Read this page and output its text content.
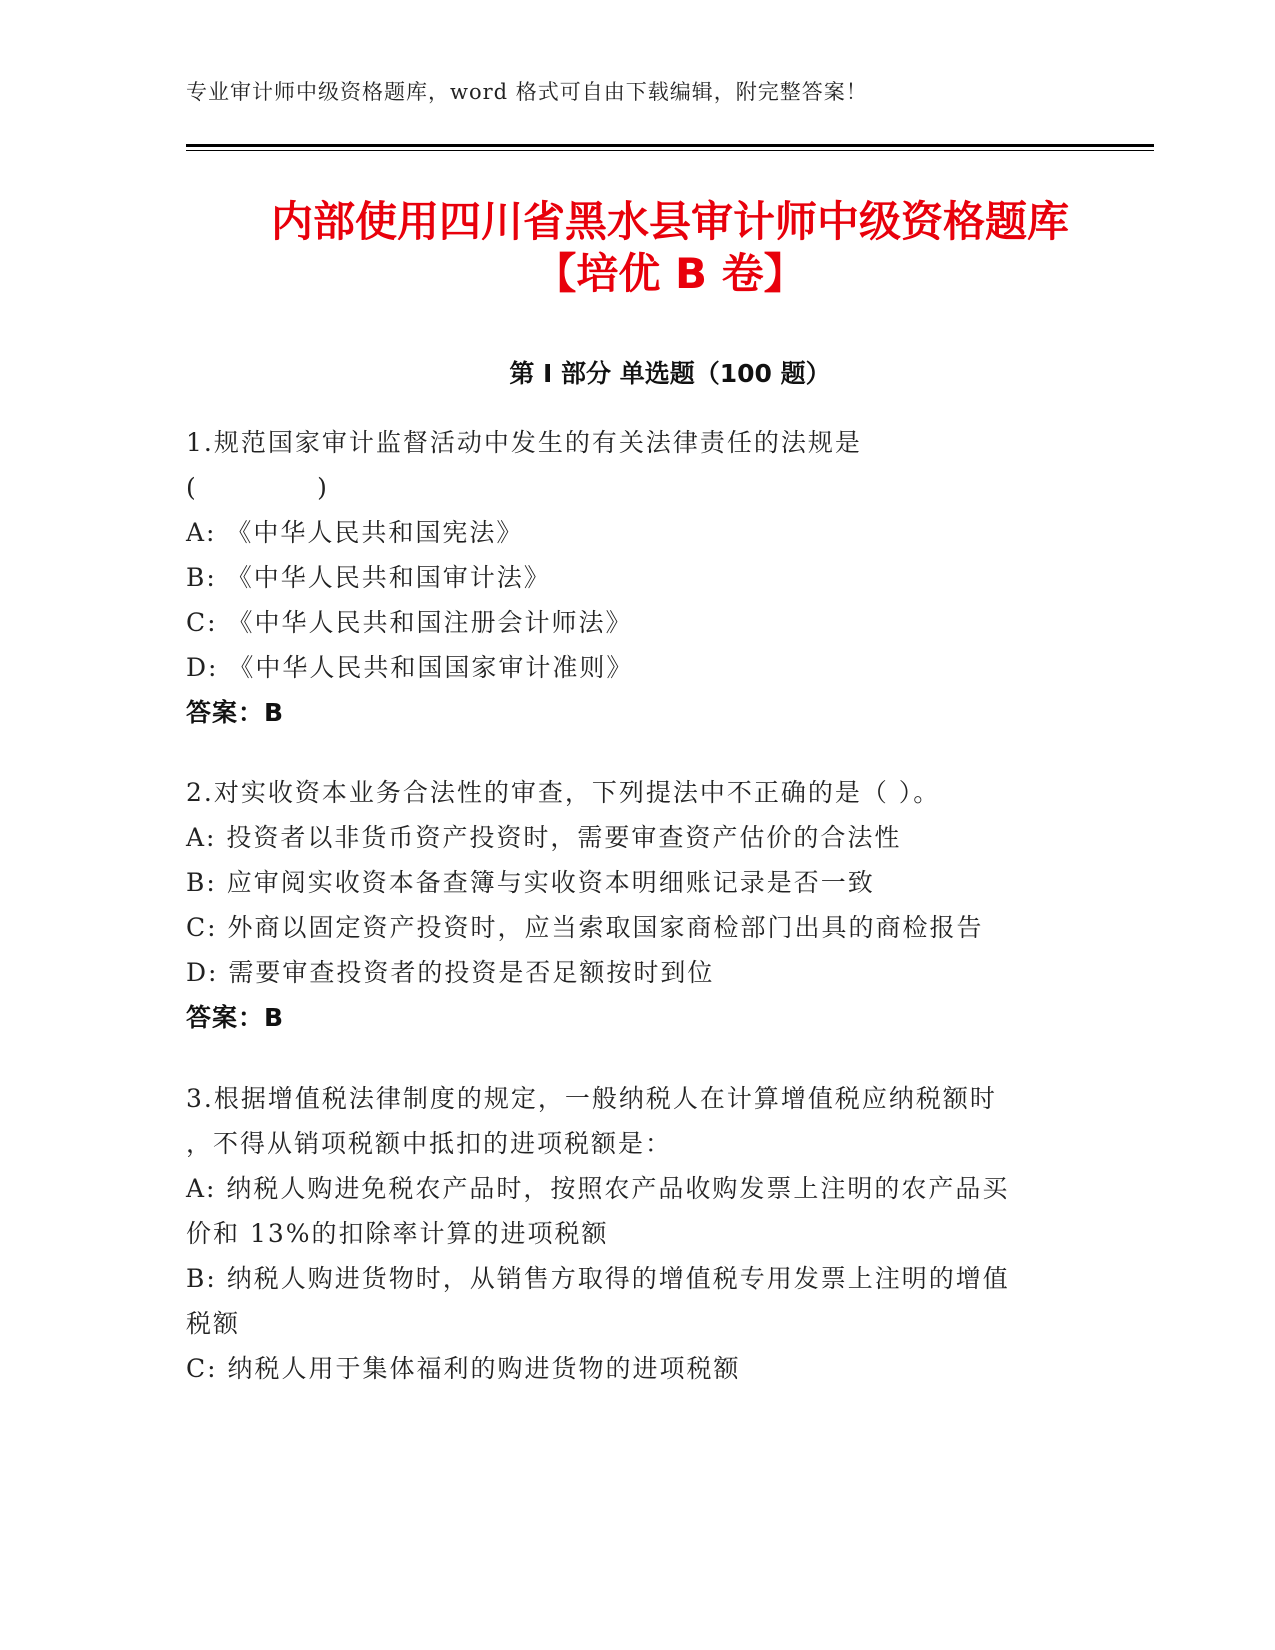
专业审计师中级资格题库，word 格式可自由下载编辑，附完整答案！
内部使用四川省黑水县审计师中级资格题库
【培优 B 卷】
第 I 部分 单选题（100 题）
1.规范国家审计监督活动中发生的有关法律责任的法规是
(            )
A: 《中华人民共和国宪法》
B: 《中华人民共和国审计法》
C: 《中华人民共和国注册会计师法》
D: 《中华人民共和国国家审计准则》
答案：B
2.对实收资本业务合法性的审查，下列提法中不正确的是（ ）。
A: 投资者以非货币资产投资时，需要审查资产估价的合法性
B: 应审阅实收资本备查簿与实收资本明细账记录是否一致
C: 外商以固定资产投资时，应当索取国家商检部门出具的商检报告
D: 需要审查投资者的投资是否足额按时到位
答案：B
3.根据增值税法律制度的规定，一般纳税人在计算增值税应纳税额时
，不得从销项税额中抵扣的进项税额是：
A: 纳税人购进免税农产品时，按照农产品收购发票上注明的农产品买
价和 13%的扣除率计算的进项税额
B: 纳税人购进货物时，从销售方取得的增值税专用发票上注明的增值
税额
C: 纳税人用于集体福利的购进货物的进项税额
